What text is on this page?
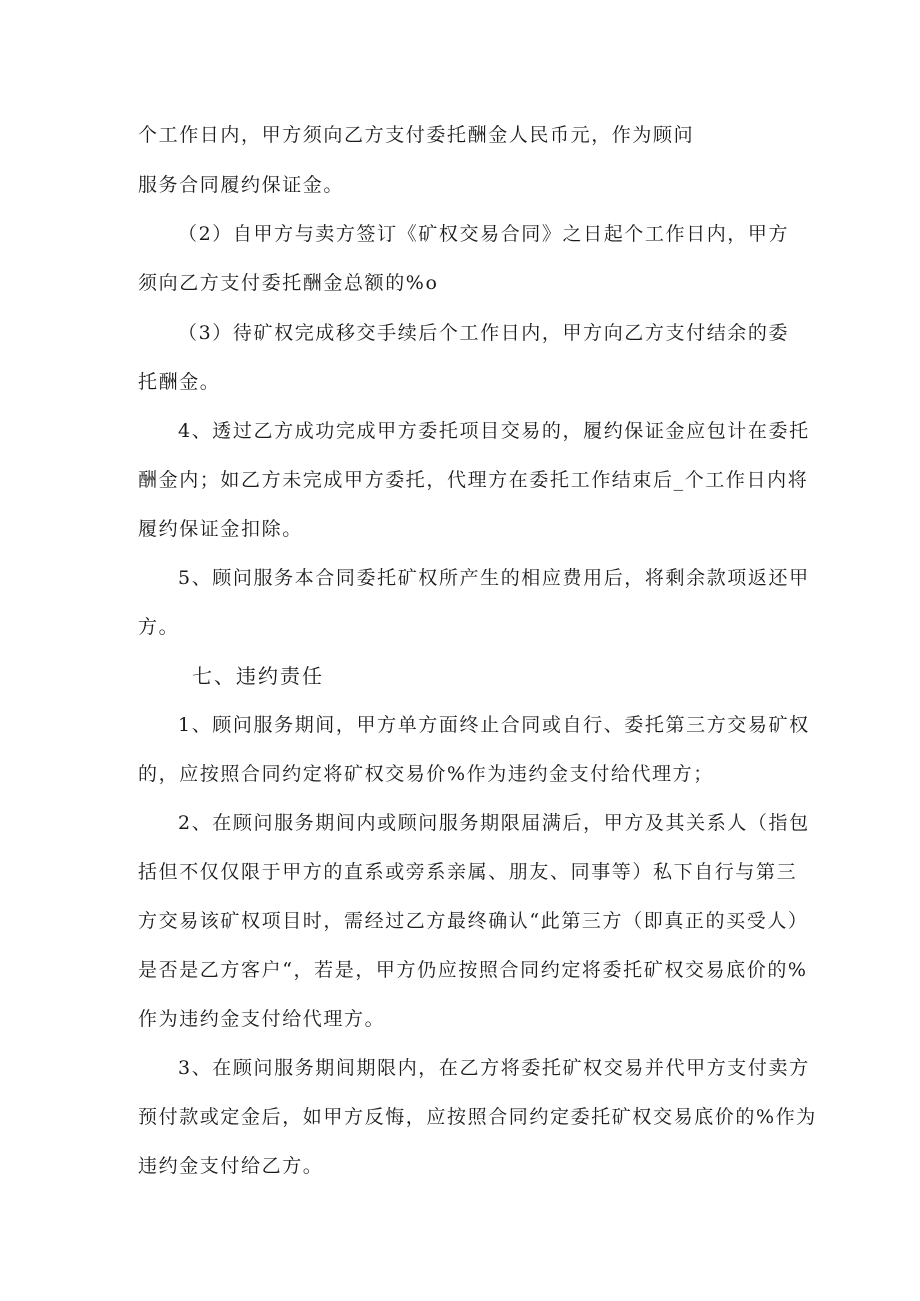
个工作日内，甲方须向乙方支付委托酬金人民币元，作为顾问
服务合同履约保证金。
（2）自甲方与卖方签订《矿权交易合同》之日起个工作日内，甲方
须向乙方支付委托酬金总额的%o
（3）待矿权完成移交手续后个工作日内，甲方向乙方支付结余的委
托酬金。
4、透过乙方成功完成甲方委托项目交易的，履约保证金应包计在委托
酬金内；如乙方未完成甲方委托，代理方在委托工作结束后_个工作日内将
履约保证金扣除。
5、顾问服务本合同委托矿权所产生的相应费用后，将剩余款项返还甲
方。
七、违约责任
1、顾问服务期间，甲方单方面终止合同或自行、委托第三方交易矿权
的，应按照合同约定将矿权交易价%作为违约金支付给代理方；
2、在顾问服务期间内或顾问服务期限届满后，甲方及其关系人（指包
括但不仅仅限于甲方的直系或旁系亲属、朋友、同事等）私下自行与第三
方交易该矿权项目时，需经过乙方最终确认“此第三方（即真正的买受人）
是否是乙方客户“，若是，甲方仍应按照合同约定将委托矿权交易底价的%
作为违约金支付给代理方。
3、在顾问服务期间期限内，在乙方将委托矿权交易并代甲方支付卖方
预付款或定金后，如甲方反悔，应按照合同约定委托矿权交易底价的%作为
违约金支付给乙方。
